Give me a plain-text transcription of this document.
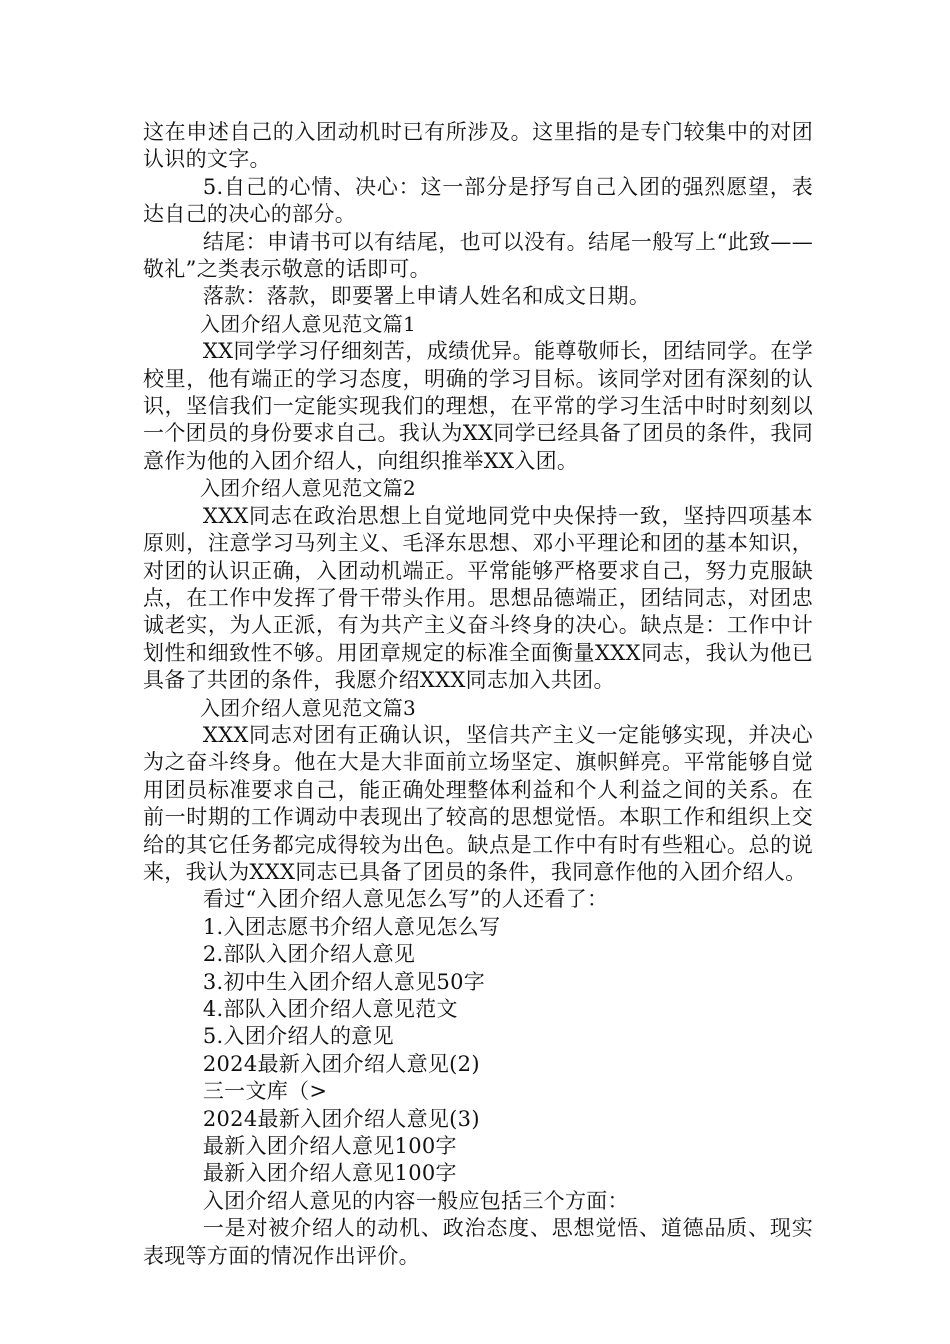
这在申述自己的入团动机时已有所涉及。这里指的是专门较集中的对团认识的文字。

5.自己的心情、决心：这一部分是抒写自己入团的强烈愿望，表达自己的决心的部分。

结尾：申请书可以有结尾，也可以没有。结尾一般写上“此致——敬礼”之类表示敬意的话即可。

落款：落款，即要署上申请人姓名和成文日期。

入团介绍人意见范文篇1

XX同学学习仔细刻苦，成绩优异。能尊敬师长，团结同学。在学校里，他有端正的学习态度，明确的学习目标。该同学对团有深刻的认识，坚信我们一定能实现我们的理想，在平常的学习生活中时时刻刻以一个团员的身份要求自己。我认为XX同学已经具备了团员的条件，我同意作为他的入团介绍人，向组织推举XX入团。

入团介绍人意见范文篇2

XXX同志在政治思想上自觉地同党中央保持一致，坚持四项基本原则，注意学习马列主义、毛泽东思想、邓小平理论和团的基本知识，对团的认识正确，入团动机端正。平常能够严格要求自己，努力克服缺点，在工作中发挥了骨干带头作用。思想品德端正，团结同志，对团忠诚老实，为人正派，有为共产主义奋斗终身的决心。缺点是：工作中计划性和细致性不够。用团章规定的标准全面衡量XXX同志，我认为他已具备了共团的条件，我愿介绍XXX同志加入共团。

入团介绍人意见范文篇3

XXX同志对团有正确认识，坚信共产主义一定能够实现，并决心为之奋斗终身。他在大是大非面前立场坚定、旗帜鲜亮。平常能够自觉用团员标准要求自己，能正确处理整体利益和个人利益之间的关系。在前一时期的工作调动中表现出了较高的思想觉悟。本职工作和组织上交给的其它任务都完成得较为出色。缺点是工作中有时有些粗心。总的说来，我认为XXX同志已具备了团员的条件，我同意作他的入团介绍人。

看过“入团介绍人意见怎么写”的人还看了：

1.入团志愿书介绍人意见怎么写

2.部队入团介绍人意见

3.初中生入团介绍人意见50字

4.部队入团介绍人意见范文

5.入团介绍人的意见

2024最新入团介绍人意见(2)

三一文库（>

2024最新入团介绍人意见(3)

最新入团介绍人意见100字

最新入团介绍人意见100字

入团介绍人意见的内容一般应包括三个方面：

一是对被介绍人的动机、政治态度、思想觉悟、道德品质、现实表现等方面的情况作出评价。
